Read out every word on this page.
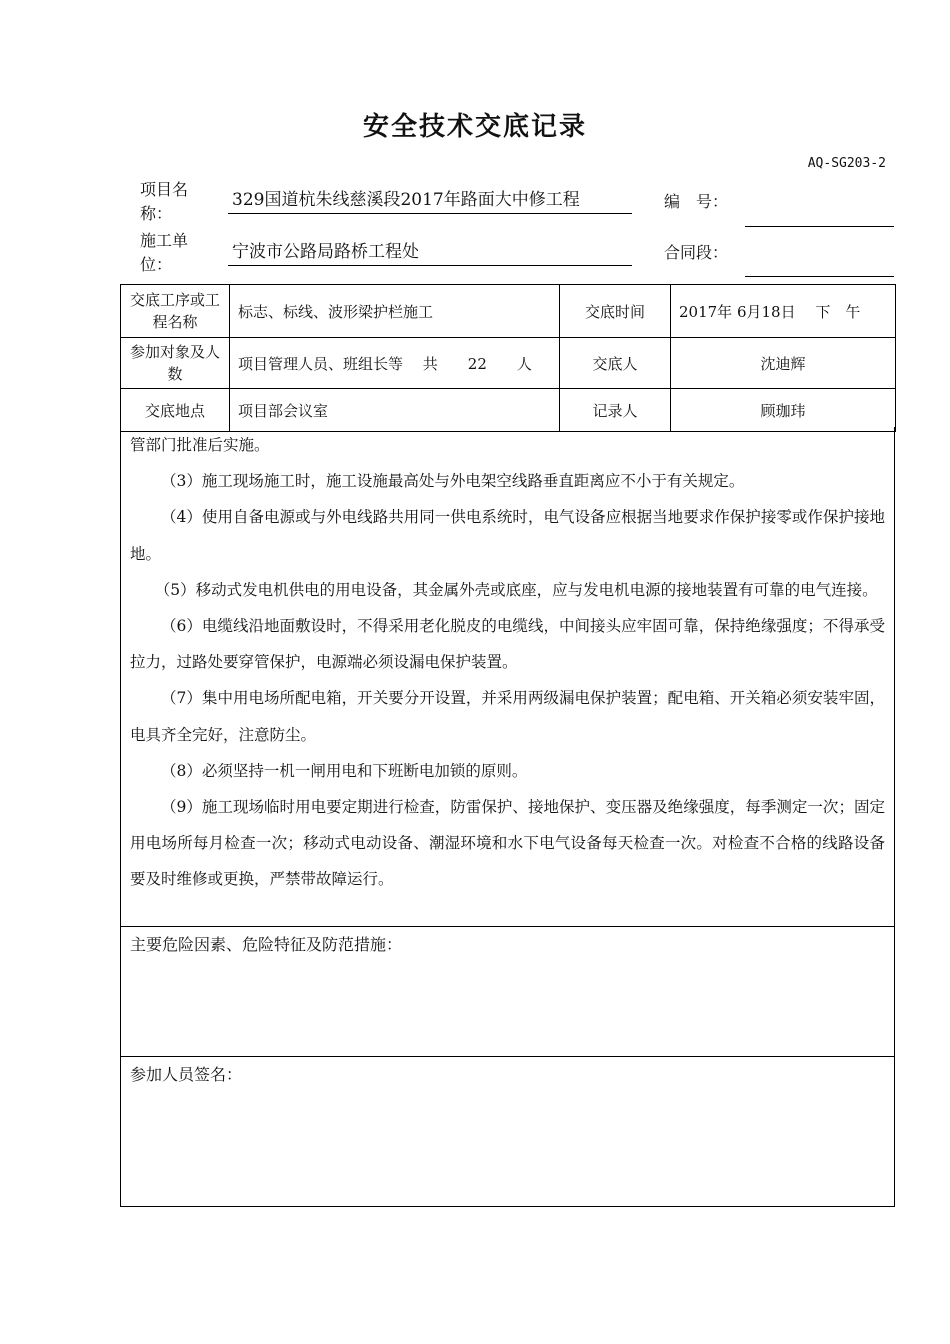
安全技术交底记录
AQ-SG203-2
项目名称：
329国道杭朱线慈溪段2017年路面大中修工程	编　号：
施工单位：
宁波市公路局路桥工程处	合同段：
交底工序或工程名称	标志、标线、波形梁护栏施工	交底时间	2017年 6月18日　 下　午
参加对象及人数	项目管理人员、班组长等　 共　　22　　人	交底人	沈迪辉
交底地点	项目部会议室	记录人	顾珈玮

管部门批准后实施。

（3）施工现场施工时，施工设施最高处与外电架空线路垂直距离应不小于有关规定。

（4）使用自备电源或与外电线路共用同一供电系统时，电气设备应根据当地要求作保护接零或作保护接地地。

（5）移动式发电机供电的用电设备，其金属外壳或底座，应与发电机电源的接地装置有可靠的电气连接。

（6）电缆线沿地面敷设时，不得采用老化脱皮的电缆线，中间接头应牢固可靠，保持绝缘强度；不得承受拉力，过路处要穿管保护，电源端必须设漏电保护装置。

（7）集中用电场所配电箱，开关要分开设置，并采用两级漏电保护装置；配电箱、开关箱必须安装牢固，电具齐全完好，注意防尘。

（8）必须坚持一机一闸用电和下班断电加锁的原则。

（9）施工现场临时用电要定期进行检查，防雷保护、接地保护、变压器及绝缘强度，每季测定一次；固定用电场所每月检查一次；移动式电动设备、潮湿环境和水下电气设备每天检查一次。对检查不合格的线路设备要及时维修或更换，严禁带故障运行。

主要危险因素、危险特征及防范措施：
参加人员签名：
